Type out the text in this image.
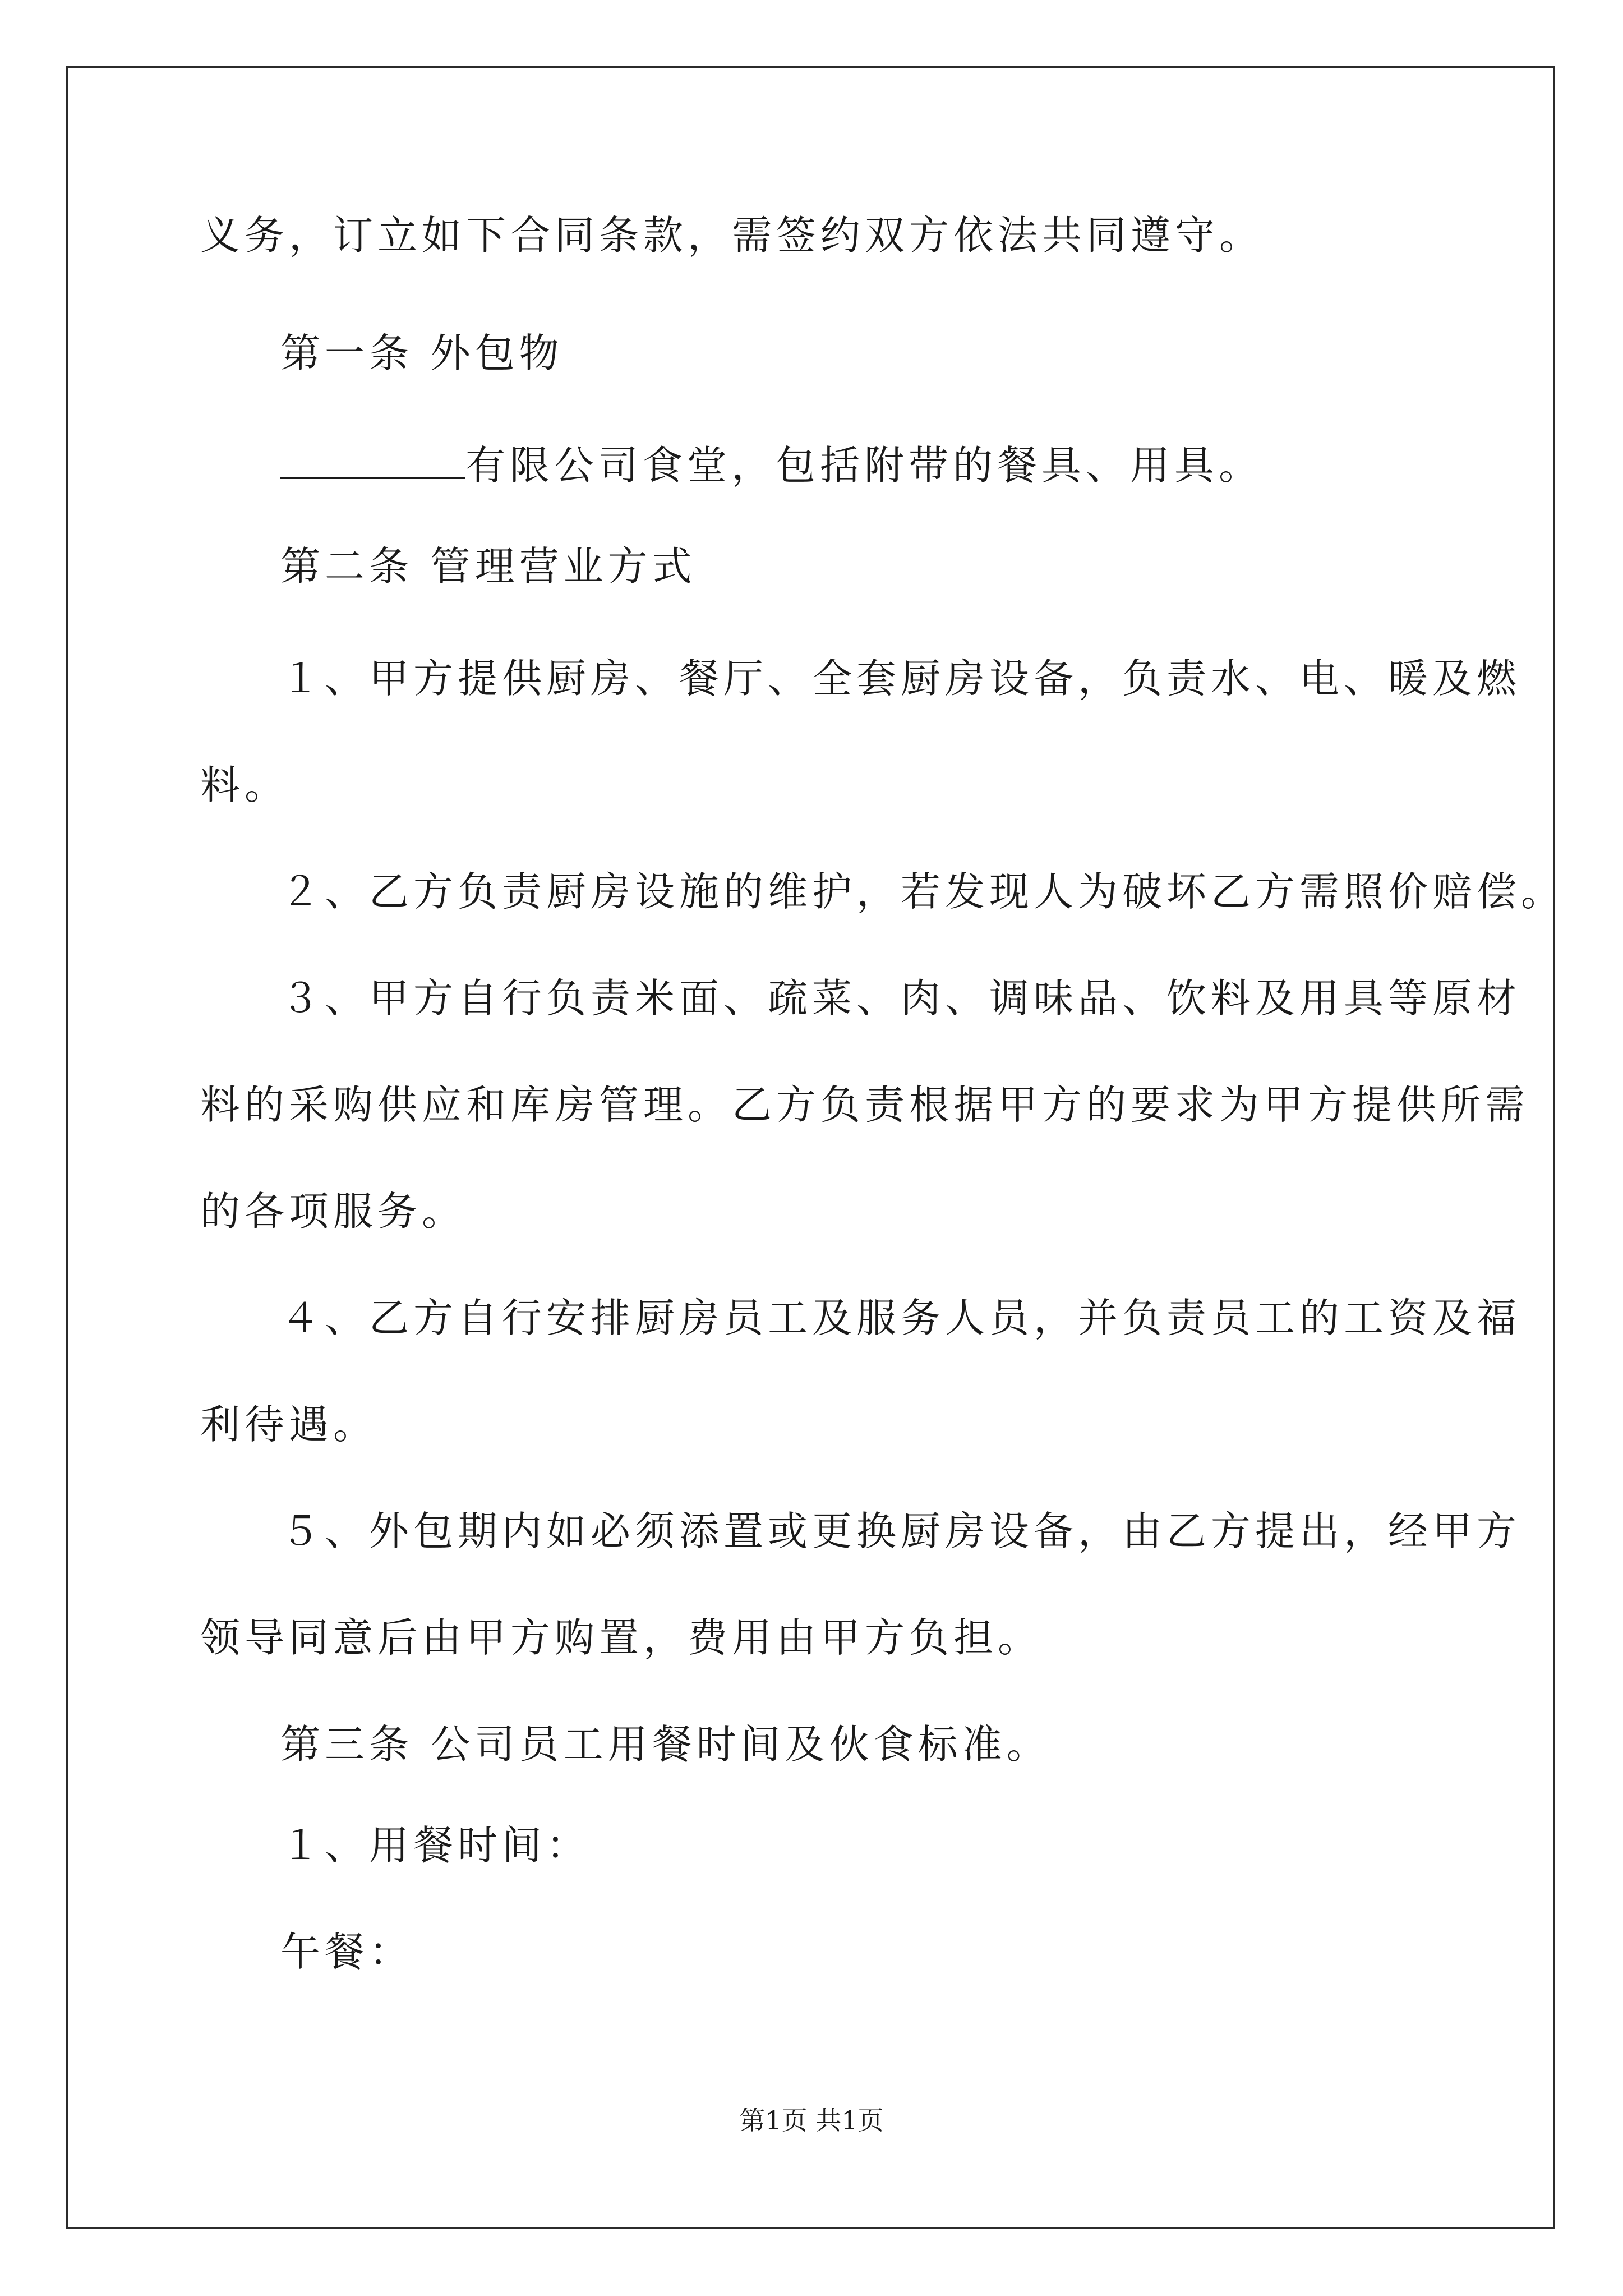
义务，订立如下合同条款，需签约双方依法共同遵守。

第一条 外包物

有限公司食堂，包括附带的餐具、用具。

第二条 管理营业方式

１、甲方提供厨房、餐厅、全套厨房设备，负责水、电、暖及燃

料。

２、乙方负责厨房设施的维护，若发现人为破坏乙方需照价赔偿。

３、甲方自行负责米面、疏菜、肉、调味品、饮料及用具等原材

料的采购供应和库房管理。乙方负责根据甲方的要求为甲方提供所需

的各项服务。

４、乙方自行安排厨房员工及服务人员，并负责员工的工资及福

利待遇。

５、外包期内如必须添置或更换厨房设备，由乙方提出，经甲方

领导同意后由甲方购置，费用由甲方负担。

第三条 公司员工用餐时间及伙食标准。

１、用餐时间：

午餐：

第1页 共1页
